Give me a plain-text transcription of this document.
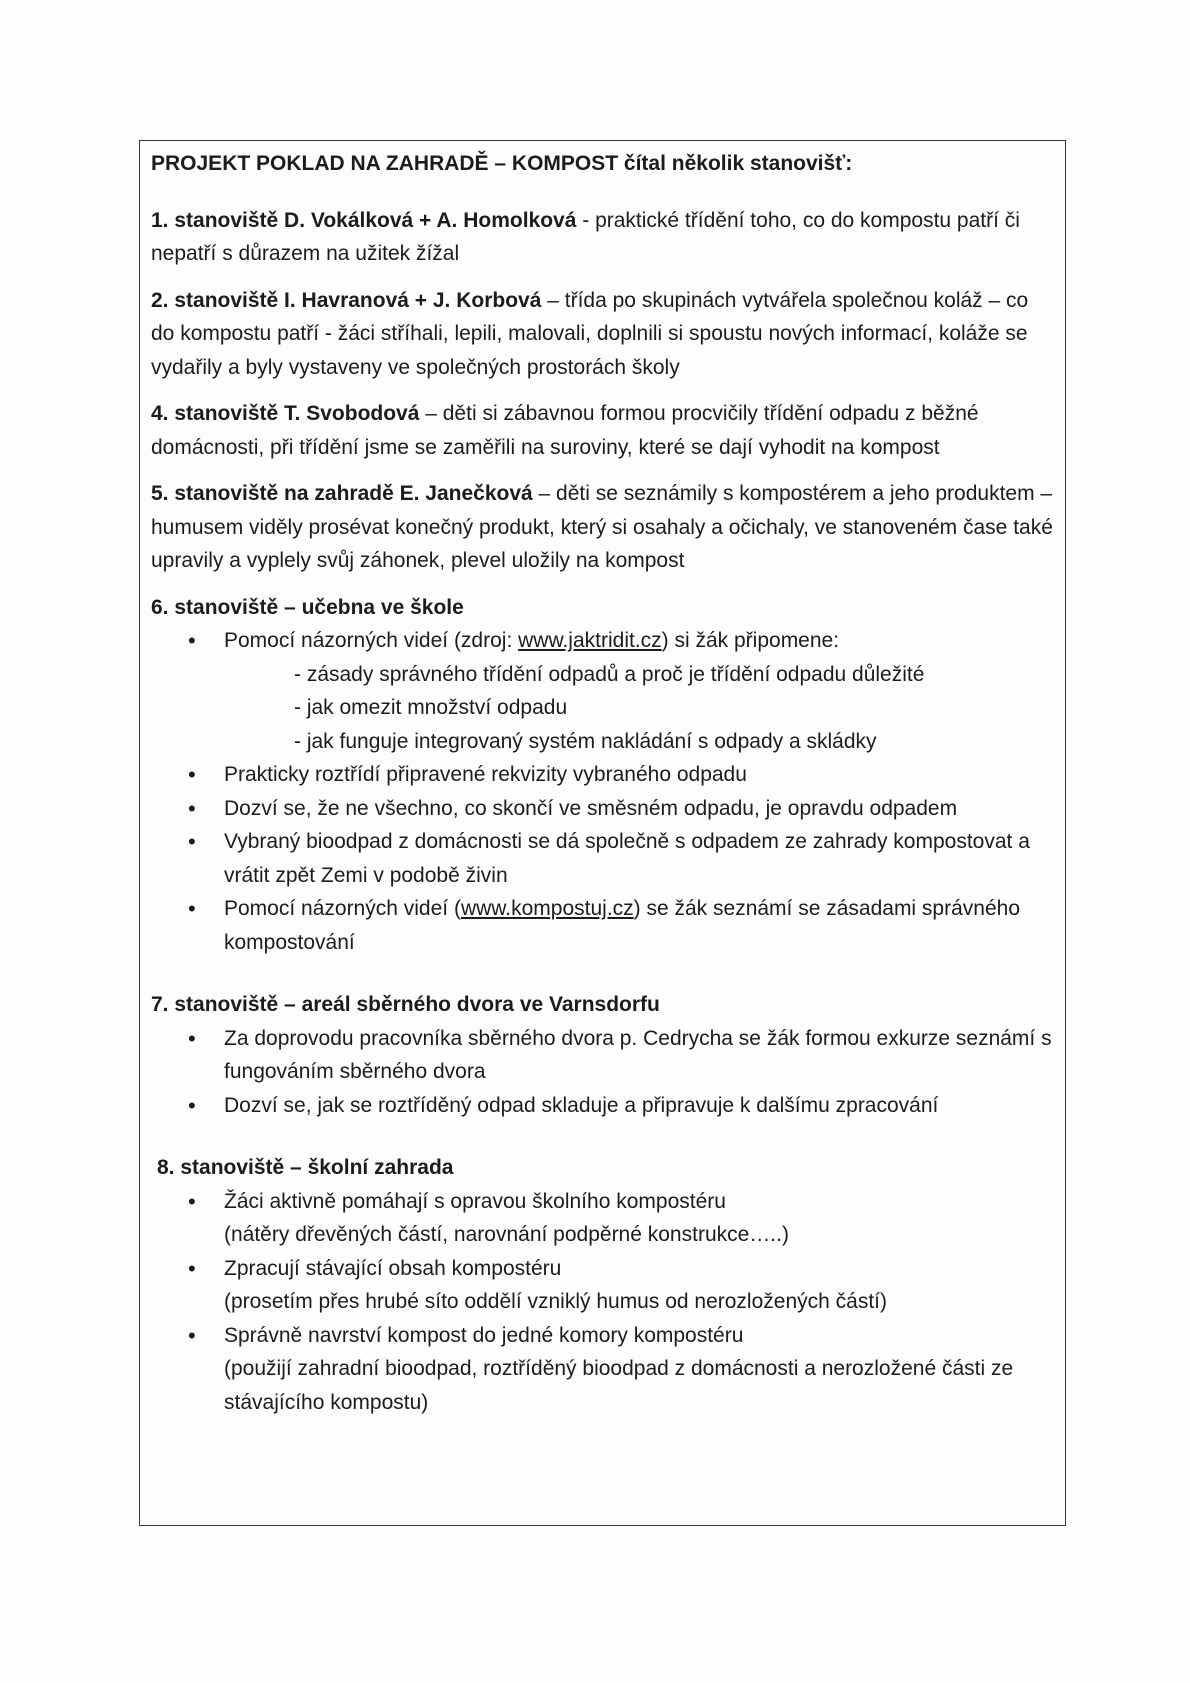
PROJEKT POKLAD NA ZAHRADĚ – KOMPOST čítal několik stanovišť:

1. stanoviště D. Vokálková + A. Homolková - praktické třídění toho, co do kompostu patří či nepatří s důrazem na užitek žížal

2. stanoviště I. Havranová + J. Korbová – třída po skupinách vytvářela společnou koláž – co do kompostu patří - žáci stříhali, lepili, malovali, doplnili si spoustu nových informací, koláže se vydařily a byly vystaveny ve společných prostorách školy

4. stanoviště T. Svobodová – děti si zábavnou formou procvičily třídění odpadu z běžné domácnosti, při třídění jsme se zaměřili na suroviny, které se dají vyhodit na kompost

5. stanoviště na zahradě E. Janečková – děti se seznámily s kompostérem a jeho produktem – humusem viděly prosévat konečný produkt, který si osahaly a očichaly, ve stanoveném čase také upravily a vyplely svůj záhonek, plevel uložily na kompost

6. stanoviště – učebna ve škole

• Pomocí názorných videí (zdroj: www.jaktridit.cz) si žák připomene:
- zásady správného třídění odpadů a proč je třídění odpadu důležité
- jak omezit množství odpadu
- jak funguje integrovaný systém nakládání s odpady a skládky
• Prakticky roztřídí připravené rekvizity vybraného odpadu
• Dozví se, že ne všechno, co skončí ve směsném odpadu, je opravdu odpadem
• Vybraný bioodpad z domácnosti se dá společně s odpadem ze zahrady kompostovat a vrátit zpět Zemi v podobě živin
• Pomocí názorných videí (www.kompostuj.cz) se žák seznámí se zásadami správného kompostování

7. stanoviště – areál sběrného dvora ve Varnsdorfu

• Za doprovodu pracovníka sběrného dvora p. Cedrycha se žák formou exkurze seznámí s fungováním sběrného dvora
• Dozví se, jak se roztříděný odpad skladuje a připravuje k dalšímu zpracování

8. stanoviště – školní zahrada

• Žáci aktivně pomáhají s opravou školního kompostéru
(nátěry dřevěných částí, narovnání podpěrné konstrukce…..)
• Zpracují stávající obsah kompostéru
(prosetím přes hrubé síto oddělí vzniklý humus od nerozložených částí)
• Správně navrství kompost do jedné komory kompostéru
(použijí zahradní bioodpad, roztříděný bioodpad z domácnosti a nerozložené části ze stávajícího kompostu)
